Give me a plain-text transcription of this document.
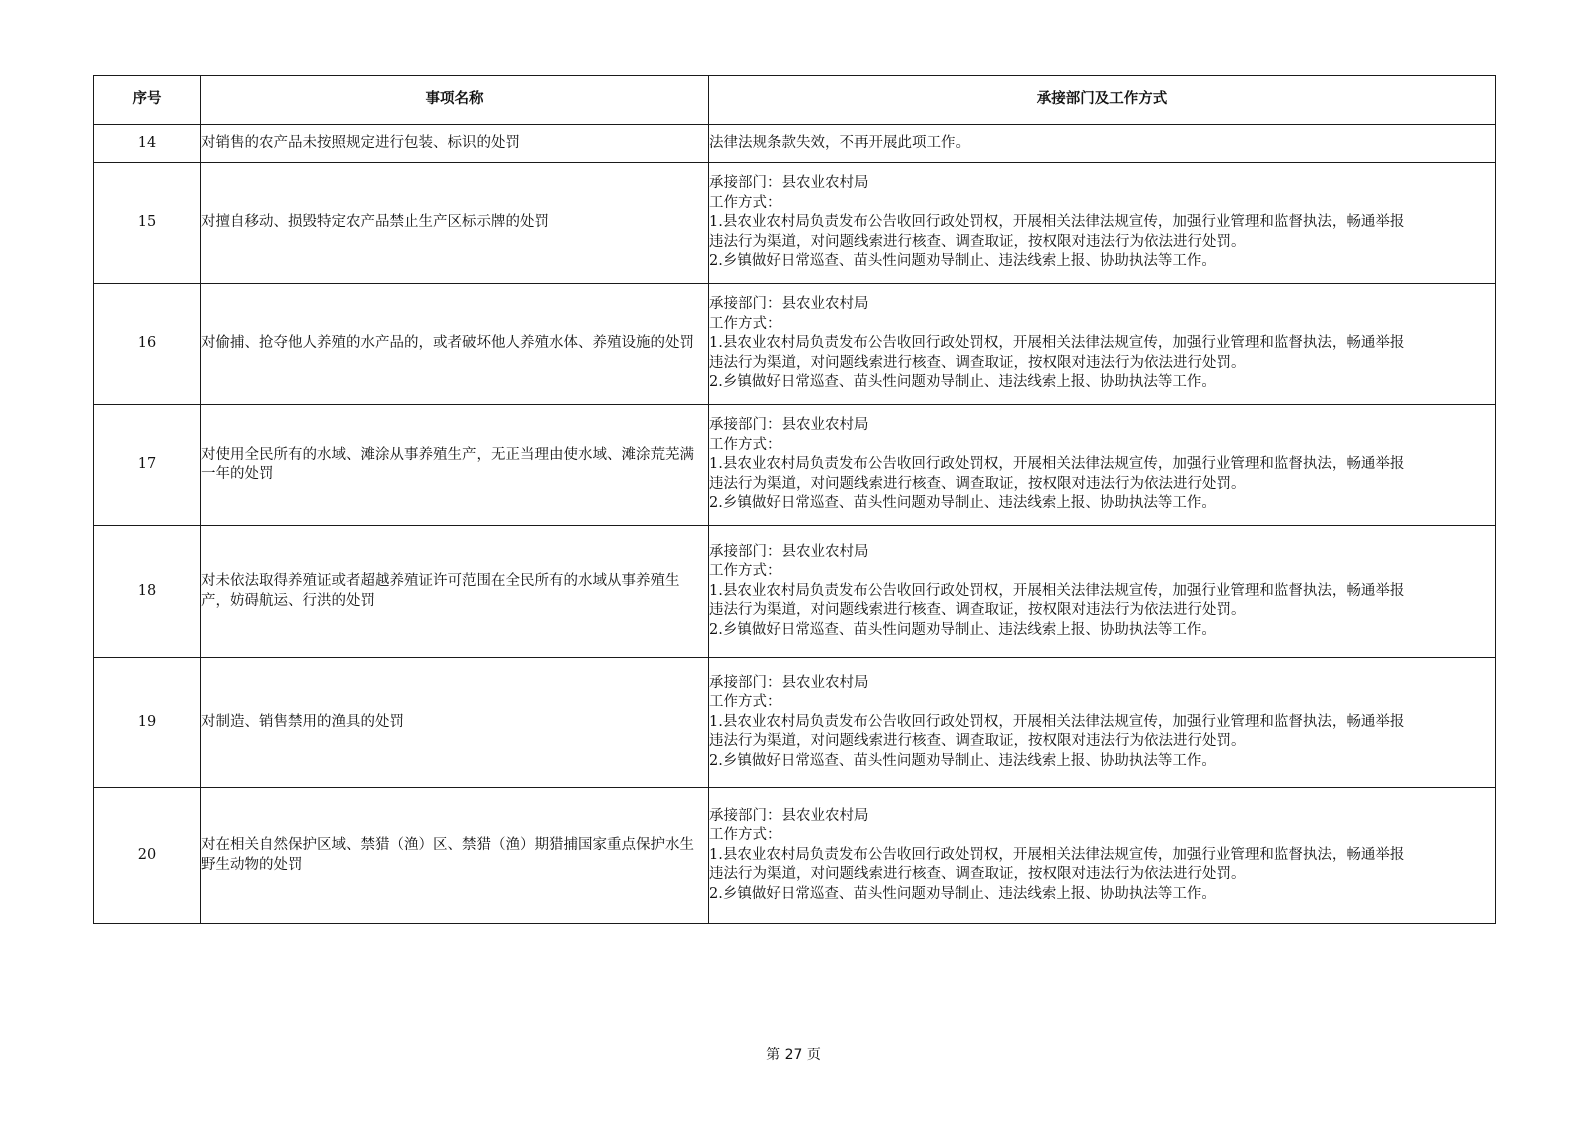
序号	事项名称	承接部门及工作方式
14	对销售的农产品未按照规定进行包装、标识的处罚	法律法规条款失效，不再开展此项工作。

15	对擅自移动、损毁特定农产品禁止生产区标示牌的处罚	承接部门：县农业农村局
工作方式：
1.县农业农村局负责发布公告收回行政处罚权，开展相关法律法规宣传，加强行业管理和监督执法，畅通举报
违法行为渠道，对问题线索进行核查、调查取证，按权限对违法行为依法进行处罚。
2.乡镇做好日常巡查、苗头性问题劝导制止、违法线索上报、协助执法等工作。

16	对偷捕、抢夺他人养殖的水产品的，或者破坏他人养殖水体、养殖设施的处罚	承接部门：县农业农村局
工作方式：
1.县农业农村局负责发布公告收回行政处罚权，开展相关法律法规宣传，加强行业管理和监督执法，畅通举报
违法行为渠道，对问题线索进行核查、调查取证，按权限对违法行为依法进行处罚。
2.乡镇做好日常巡查、苗头性问题劝导制止、违法线索上报、协助执法等工作。

17	对使用全民所有的水域、滩涂从事养殖生产，无正当理由使水域、滩涂荒芜满一年的处罚	承接部门：县农业农村局
工作方式：
1.县农业农村局负责发布公告收回行政处罚权，开展相关法律法规宣传，加强行业管理和监督执法，畅通举报
违法行为渠道，对问题线索进行核查、调查取证，按权限对违法行为依法进行处罚。
2.乡镇做好日常巡查、苗头性问题劝导制止、违法线索上报、协助执法等工作。

18	对未依法取得养殖证或者超越养殖证许可范围在全民所有的水域从事养殖生产，妨碍航运、行洪的处罚	承接部门：县农业农村局
工作方式：
1.县农业农村局负责发布公告收回行政处罚权，开展相关法律法规宣传，加强行业管理和监督执法，畅通举报
违法行为渠道，对问题线索进行核查、调查取证，按权限对违法行为依法进行处罚。
2.乡镇做好日常巡查、苗头性问题劝导制止、违法线索上报、协助执法等工作。

19	对制造、销售禁用的渔具的处罚	承接部门：县农业农村局
工作方式：
1.县农业农村局负责发布公告收回行政处罚权，开展相关法律法规宣传，加强行业管理和监督执法，畅通举报
违法行为渠道，对问题线索进行核查、调查取证，按权限对违法行为依法进行处罚。
2.乡镇做好日常巡查、苗头性问题劝导制止、违法线索上报、协助执法等工作。

20	对在相关自然保护区域、禁猎（渔）区、禁猎（渔）期猎捕国家重点保护水生野生动物的处罚	承接部门：县农业农村局
工作方式：
1.县农业农村局负责发布公告收回行政处罚权，开展相关法律法规宣传，加强行业管理和监督执法，畅通举报
违法行为渠道，对问题线索进行核查、调查取证，按权限对违法行为依法进行处罚。
2.乡镇做好日常巡查、苗头性问题劝导制止、违法线索上报、协助执法等工作。
第 27 页
